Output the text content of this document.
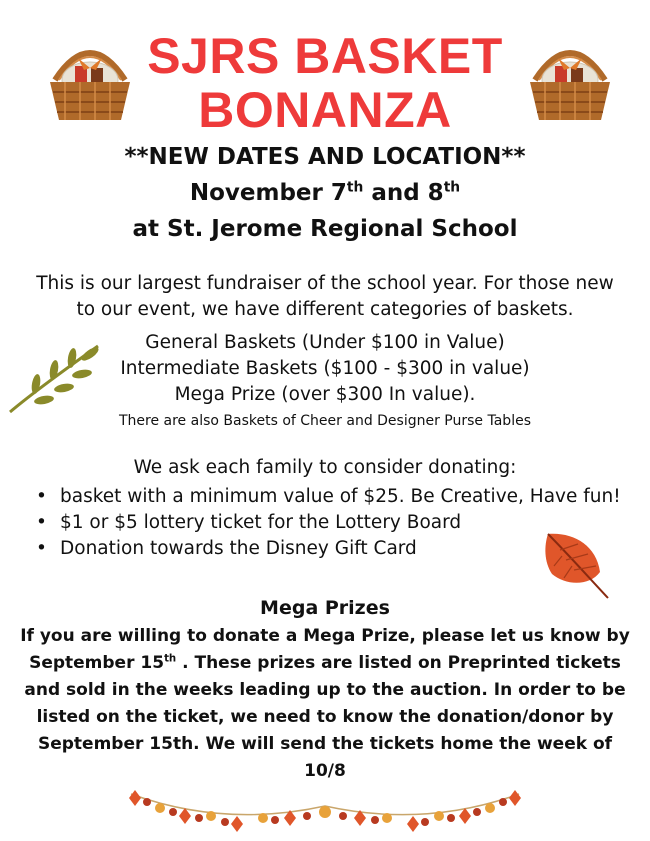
SJRS BASKET
BONANZA
**NEW DATES AND LOCATION**
November 7th and 8th
at St. Jerome Regional School
This is our largest fundraiser of the school year. For those new
to our event, we have different categories of baskets.
General Baskets (Under $100 in Value)
Intermediate Baskets ($100 - $300 in value)
Mega Prize (over $300 In value).
There are also Baskets of Cheer and Designer Purse Tables
We ask each family to consider donating:
• basket with a minimum value of $25. Be Creative, Have fun!
• $1 or $5 lottery ticket for the Lottery Board
• Donation towards the Disney Gift Card
Mega Prizes
If you are willing to donate a Mega Prize, please let us know by
September 15th . These prizes are listed on Preprinted tickets
and sold in the weeks leading up to the auction. In order to be
listed on the ticket, we need to know the donation/donor by
September 15th. We will send the tickets home the week of
10/8
